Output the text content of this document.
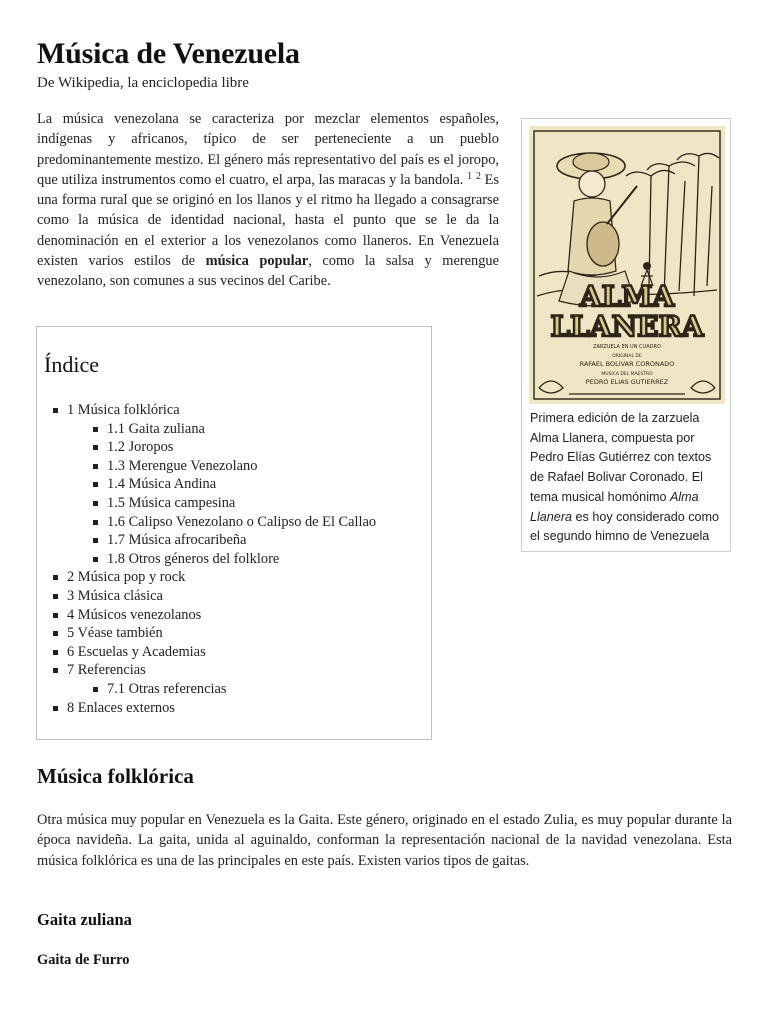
Música de Venezuela
De Wikipedia, la enciclopedia libre

La música venezolana se caracteriza por mezclar elementos españoles, indígenas y africanos, típico de ser perteneciente a un pueblo predominantemente mestizo. El género más representativo del país es el joropo, que utiliza instrumentos como el cuatro, el arpa, las maracas y la bandola. $^1$ $^2$ Es una forma rural que se originó en los llanos y el ritmo ha llegado a consagrarse como la música de identidad nacional, hasta el punto que se le da la denominación en el exterior a los venezolanos como llaneros. En Venezuela existen varios estilos de música popular, como la salsa y merengue venezolano, son comunes a sus vecinos del Caribe.	ALMA
LLANERA
ZARZUELA EN UN CUADRO
ORIGINAL DE
RAFAEL BOLIVAR CORONADO
MUSICA DEL MAESTRO
PEDRO ELIAS GUTIERREZ
Primera edición de la zarzuela Alma Llanera, compuesta por Pedro Elías Gutiérrez con textos de Rafael Bolivar Coronado. El tema musical homónimo Alma Llanera es hoy considerado como el segundo himno de Venezuela
Índice
1 Música folklórica
1.1 Gaita zuliana
1.2 Joropos
1.3 Merengue Venezolano
1.4 Música Andina
1.5 Música campesina
1.6 Calipso Venezolano o Calipso de El Callao
1.7 Música afrocaribeña
1.8 Otros géneros del folklore
2 Música pop y rock
3 Música clásica
4 Músicos venezolanos
5 Véase también
6 Escuelas y Academias
7 Referencias
7.1 Otras referencias
8 Enlaces externos
Música folklórica

Otra música muy popular en Venezuela es la Gaita. Este género, originado en el estado Zulia, es muy popular durante la época navideña. La gaita, unida al aguinaldo, conforman la representación nacional de la navidad venezolana. Esta música folklórica es una de las principales en este país. Existen varios tipos de gaitas.

Gaita zuliana
Gaita de Furro
